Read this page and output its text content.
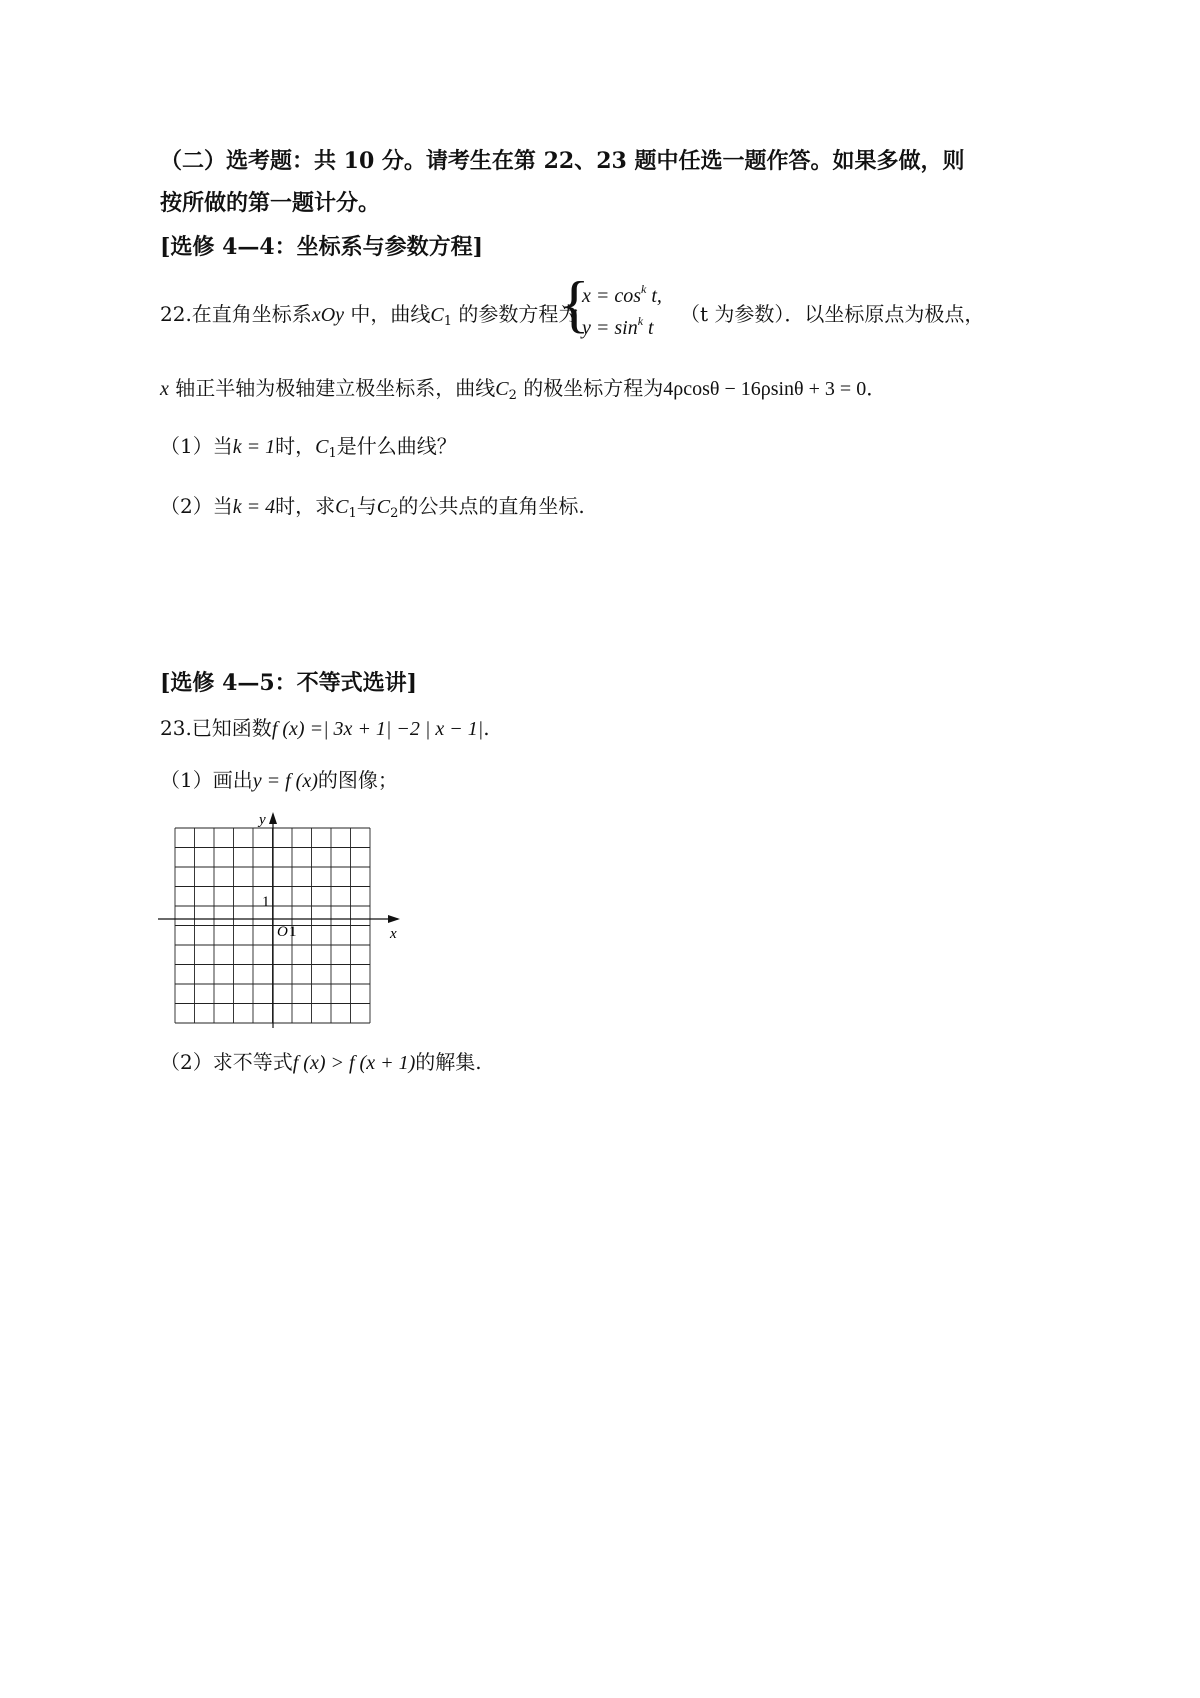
（二）选考题：共 10 分。请考生在第 22、23 题中任选一题作答。如果多做，则
按所做的第一题计分。
[选修 4—4：坐标系与参数方程]
22.在直角坐标系xOy 中，曲线$C_1$ 的参数方程为
{
$x = \cos^k t$,
$y = \sin^k t$
（t 为参数）．以坐标原点为极点，
x 轴正半轴为极轴建立极坐标系，曲线$C_2$ 的极坐标方程为4ρcosθ − 16ρsinθ + 3 = 0．
（1）当k = 1时，$C_1$是什么曲线？
（2）当k = 4时，求$C_1$与$C_2$的公共点的直角坐标.
[选修 4—5：不等式选讲]
23.已知函数f (x) =| 3x + 1| −2 | x − 1|.
（1）画出y = f (x)的图像；
y
x
1
O 1
（2）求不等式f (x) > f (x + 1)的解集.
